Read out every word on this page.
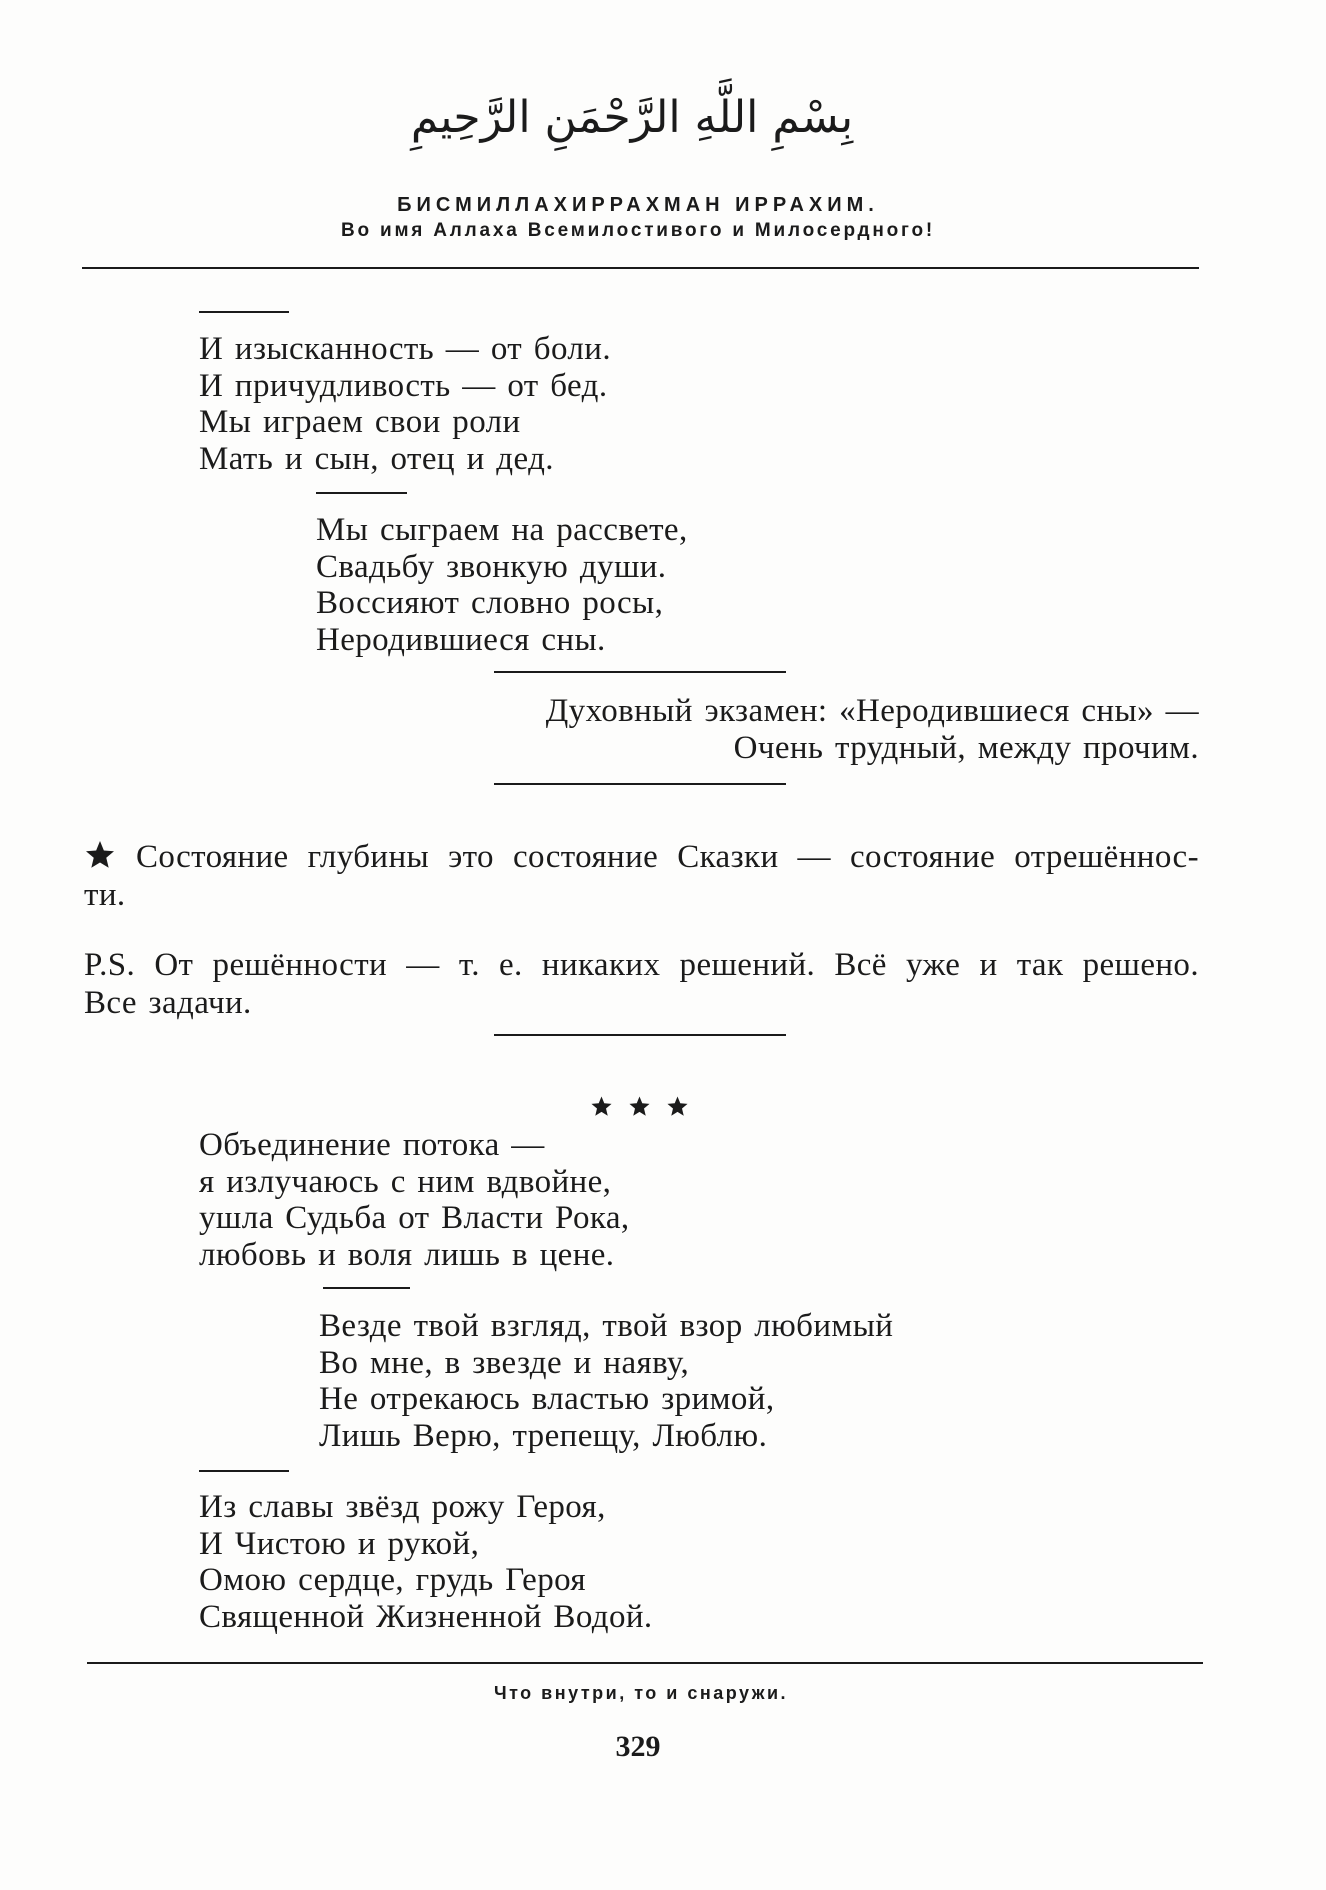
بِسْمِ اللَّهِ الرَّحْمَنِ الرَّحِيمِ
БИСМИЛЛАХИРРАХМАН ИРРАХИМ.
Во имя Аллаха Всемилостивого и Милосердного!
И изысканность — от боли.
И причудливость — от бед.
Мы играем свои роли
Мать и сын, отец и дед.
Мы сыграем на рассвете,
Свадьбу звонкую души.
Воссияют словно росы,
Неродившиеся сны.
Духовный экзамен: «Неродившиеся сны» —
Очень трудный, между прочим.
Состояние глубины это состояние Сказки — состояние отрешённос-
ти.
P.S. От решённости — т. е. никаких решений. Всё уже и так решено.
Все задачи.
Объединение потока —
я излучаюсь с ним вдвойне,
ушла Судьба от Власти Рока,
любовь и воля лишь в цене.
Везде твой взгляд, твой взор любимый
Во мне, в звезде и наяву,
Не отрекаюсь властью зримой,
Лишь Верю, трепещу, Люблю.
Из славы звёзд рожу Героя,
И Чистою и рукой,
Омою сердце, грудь Героя
Священной Жизненной Водой.
Что внутри, то и снаружи.
329
